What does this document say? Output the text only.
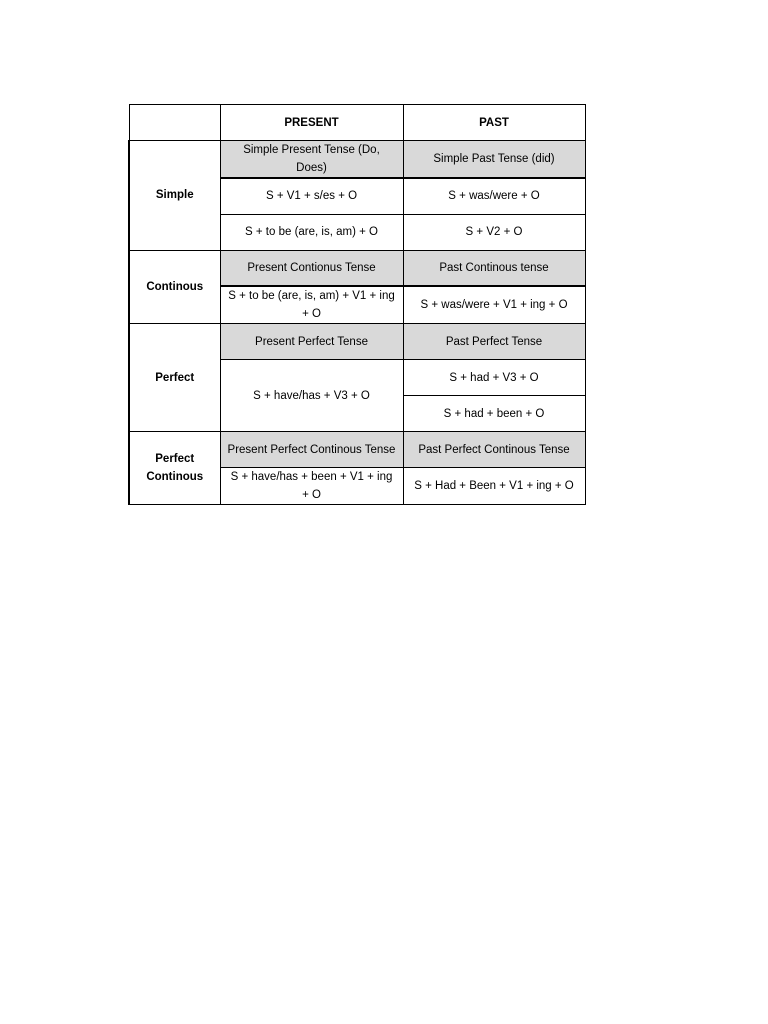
	PRESENT	PAST
Simple	Simple Present Tense (Do, Does)	Simple Past Tense (did)
	S + V1 + s/es + O	S + was/were + O
	S + to be (are, is, am) + O	S + V2 + O
Continous	Present Contionus Tense	Past Continous tense
	S + to be (are, is, am) + V1 + ing + O	S + was/were + V1 + ing + O
Perfect	Present Perfect Tense	Past Perfect Tense
	S + have/has + V3 + O	S + had + V3 + O
		S + had + been + O
Perfect Continous	Present Perfect Continous Tense	Past Perfect Continous Tense
	S + have/has + been + V1 + ing + O	S + Had + Been + V1 + ing + O
